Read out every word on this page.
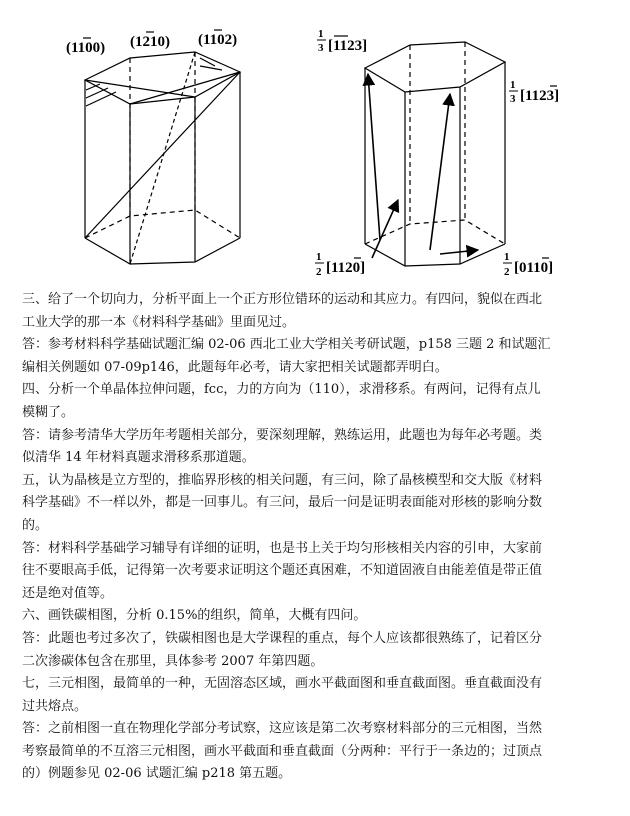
(1100) (1210) (1102)	1
3 [1123]
1
3 [1123]
1
2 [1120]
1
2 [0110]

三、给了一个切向力，分析平面上一个正方形位错环的运动和其应力。有四问，貌似在西北

工业大学的那一本《材料科学基础》里面见过。

答：参考材料科学基础试题汇编 02-06 西北工业大学相关考研试题，p158 三题 2 和试题汇

编相关例题如 07-09p146，此题每年必考，请大家把相关试题都弄明白。

四、分析一个单晶体拉伸问题，fcc，力的方向为（110），求滑移系。有两问，记得有点儿

模糊了。

答：请参考清华大学历年考题相关部分，要深刻理解，熟练运用，此题也为每年必考题。类

似清华 14 年材料真题求滑移系那道题。

五，认为晶核是立方型的，推临界形核的相关问题，有三问，除了晶核模型和交大版《材料

科学基础》不一样以外，都是一回事儿。有三问，最后一问是证明表面能对形核的影响分数

的。

答：材料科学基础学习辅导有详细的证明，也是书上关于均匀形核相关内容的引申，大家前

往不要眼高手低，记得第一次考要求证明这个题还真困难，不知道固液自由能差值是带正值

还是绝对值等。

六、画铁碳相图，分析 0.15%的组织，简单，大概有四问。

答：此题也考过多次了，铁碳相图也是大学课程的重点，每个人应该都很熟练了，记着区分

二次渗碳体包含在那里，具体参考 2007 年第四题。

七，三元相图，最简单的一种，无固溶态区域，画水平截面图和垂直截面图。垂直截面没有

过共熔点。

答：之前相图一直在物理化学部分考试察，这应该是第二次考察材料部分的三元相图，当然

考察最简单的不互溶三元相图，画水平截面和垂直截面（分两种：平行于一条边的；过顶点

的）例题参见 02-06 试题汇编 p218 第五题。
